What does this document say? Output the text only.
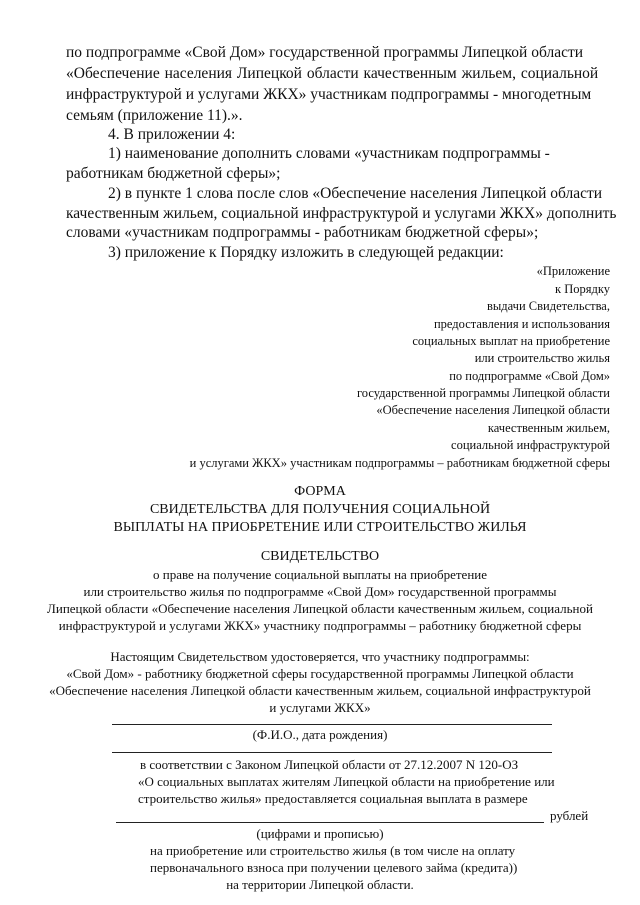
по подпрограмме «Свой Дом» государственной программы Липецкой области
«Обеспечение населения Липецкой области качественным жильем, социальной
инфраструктурой и услугами ЖКХ» участникам подпрограммы - многодетным
семьям (приложение 11).».
4. В приложении 4:
1) наименование дополнить словами «участникам подпрограммы -
работникам бюджетной сферы»;
2) в пункте 1 слова после слов «Обеспечение населения Липецкой области
качественным жильем, социальной инфраструктурой и услугами ЖКХ» дополнить
словами «участникам подпрограммы - работникам бюджетной сферы»;
3) приложение к Порядку изложить в следующей редакции:
«Приложение
к Порядку
выдачи Свидетельства,
предоставления и использования
социальных выплат на приобретение
или строительство жилья
по подпрограмме «Свой Дом»
государственной программы Липецкой области
«Обеспечение населения Липецкой области
качественным жильем,
социальной инфраструктурой
и услугами ЖКХ» участникам подпрограммы – работникам бюджетной сферы
ФОРМА
СВИДЕТЕЛЬСТВА ДЛЯ ПОЛУЧЕНИЯ СОЦИАЛЬНОЙ
ВЫПЛАТЫ НА ПРИОБРЕТЕНИЕ ИЛИ СТРОИТЕЛЬСТВО ЖИЛЬЯ
СВИДЕТЕЛЬСТВО
о праве на получение социальной выплаты на приобретение
или строительство жилья по подпрограмме «Свой Дом» государственной программы
Липецкой области «Обеспечение населения Липецкой области качественным жильем, социальной
инфраструктурой и услугами ЖКХ» участнику подпрограммы – работнику бюджетной сферы
Настоящим Свидетельством удостоверяется, что участнику подпрограммы:
«Свой Дом» - работнику бюджетной сферы государственной программы Липецкой области
«Обеспечение населения Липецкой области качественным жильем, социальной инфраструктурой
и услугами ЖКХ»
(Ф.И.О., дата рождения)
в соответствии с Законом Липецкой области от 27.12.2007 N 120-ОЗ
«О социальных выплатах жителям Липецкой области на приобретение или
строительство жилья» предоставляется социальная выплата в размере
рублей
(цифрами и прописью)
на приобретение или строительство жилья (в том числе на оплату
первоначального взноса при получении целевого займа (кредита))
на территории Липецкой области.
